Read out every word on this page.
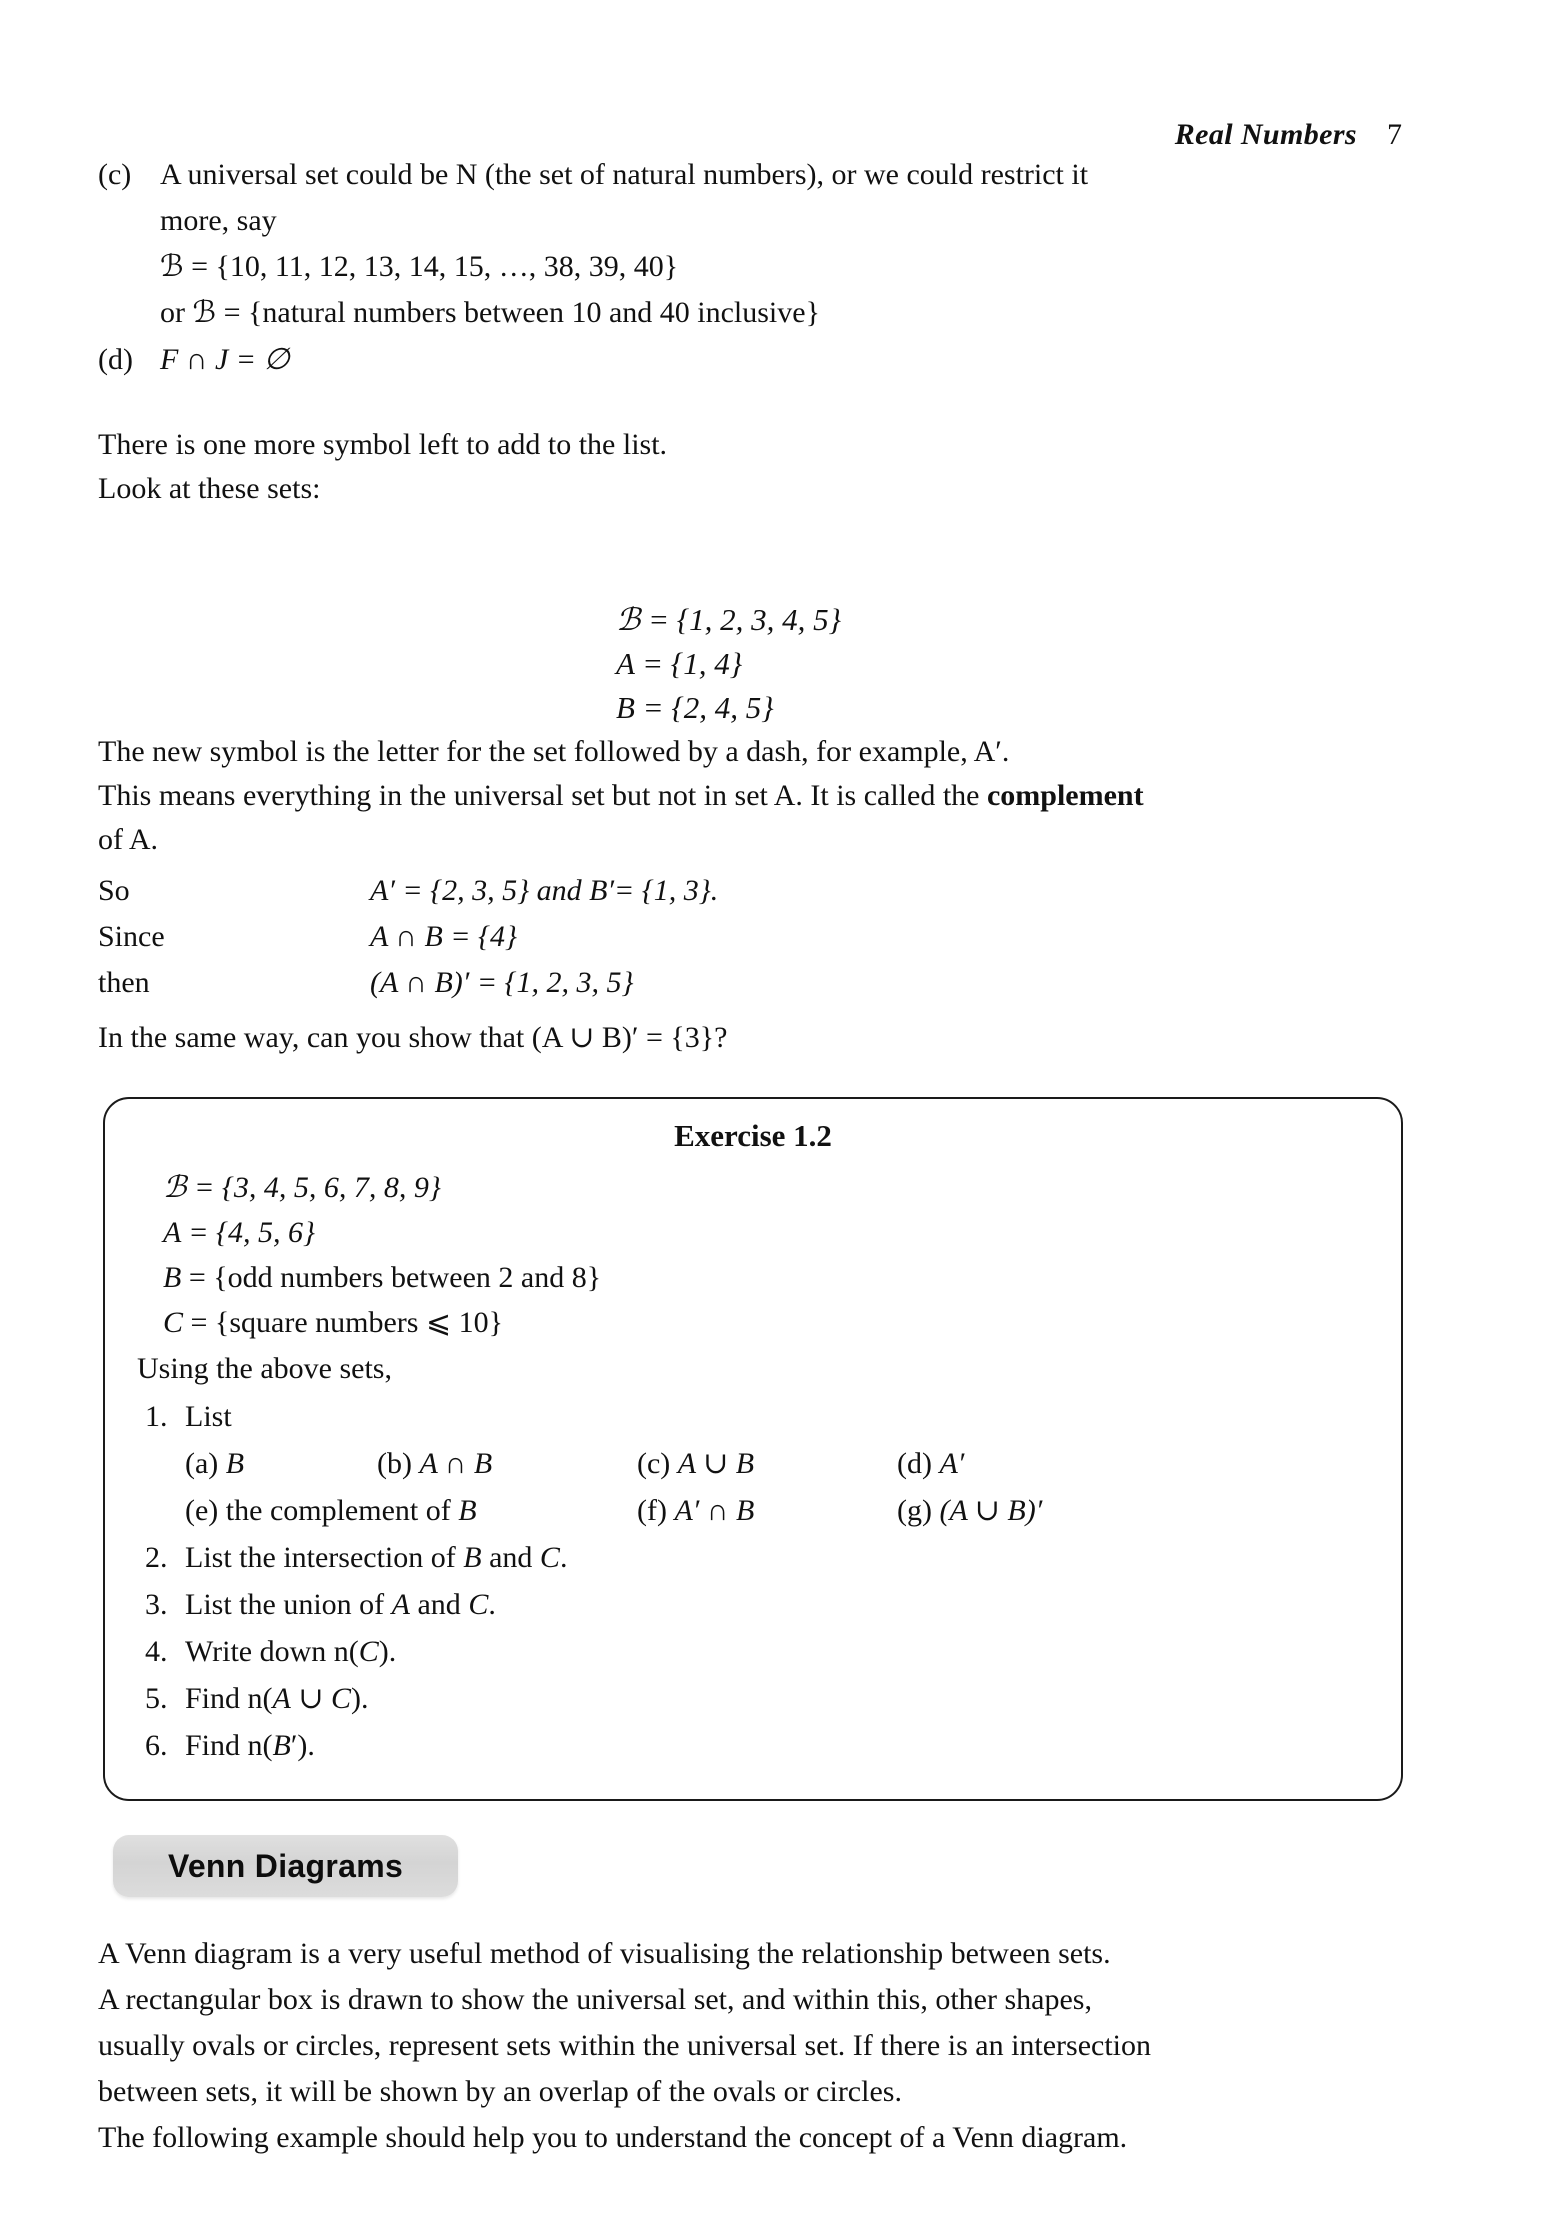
Real Numbers 7
(c) A universal set could be N (the set of natural numbers), or we could restrict it
more, say
ℬ = {10, 11, 12, 13, 14, 15, …, 38, 39, 40}
or ℬ = {natural numbers between 10 and 40 inclusive}
(d) F ∩ J = ∅

There is one more symbol left to add to the list.

Look at these sets:

ℬ = {1, 2, 3, 4, 5}
A = {1, 4}
B = {2, 4, 5}

The new symbol is the letter for the set followed by a dash, for example, A′.

This means everything in the universal set but not in set A. It is called the complement

of A.

So	A′ = {2, 3, 5} and B′= {1, 3}.
Since	A ∩ B = {4}
then	(A ∩ B)′ = {1, 2, 3, 5}

In the same way, can you show that (A ∪ B)′ = {3}?

Exercise 1.2
ℬ = {3, 4, 5, 6, 7, 8, 9}
A = {4, 5, 6}
B = {odd numbers between 2 and 8}
C = {square numbers ⩽ 10}
Using the above sets,
1. List
(a) B	(b) A ∩ B	(c) A ∪ B	(d) A′
(e) the complement of B	(f) A′ ∩ B	(g) (A ∪ B)′
2. List the intersection of B and C.
3. List the union of A and C.
4. Write down n(C).
5. Find n(A ∪ C).
6. Find n(B′).
Venn Diagrams
A Venn diagram is a very useful method of visualising the relationship between sets.
A rectangular box is drawn to show the universal set, and within this, other shapes,
usually ovals or circles, represent sets within the universal set. If there is an intersection
between sets, it will be shown by an overlap of the ovals or circles.
The following example should help you to understand the concept of a Venn diagram.
